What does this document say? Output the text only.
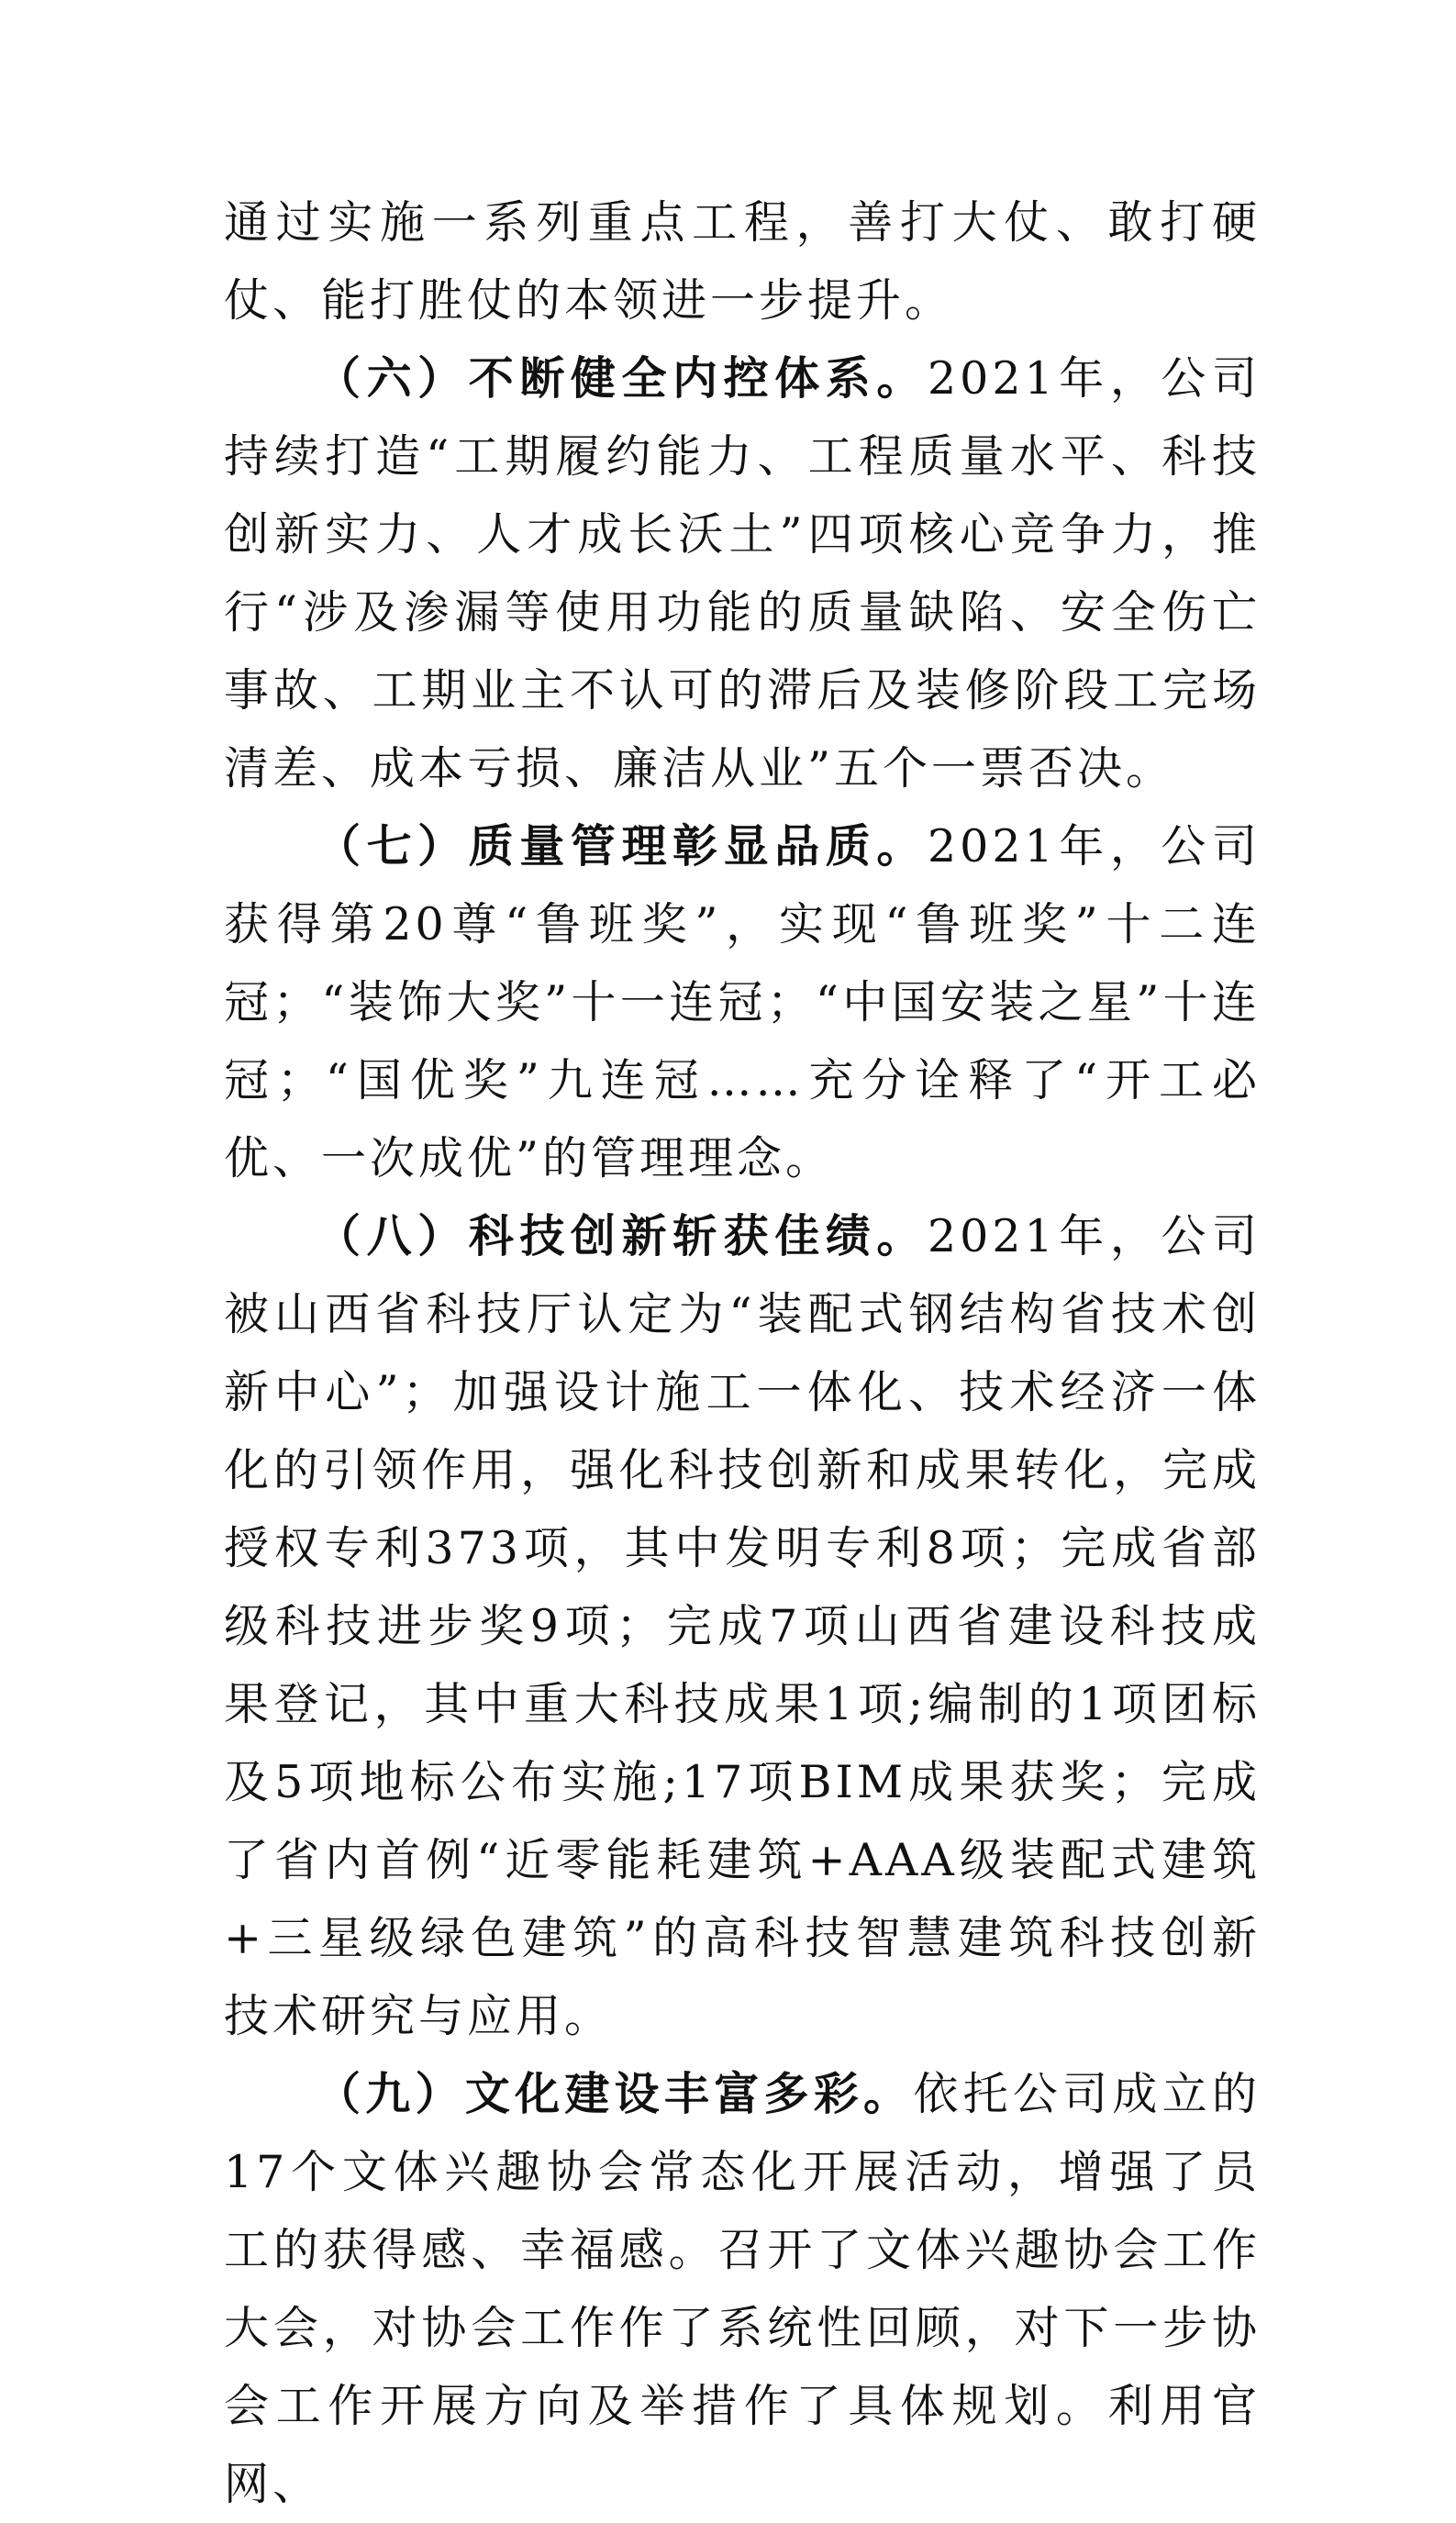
通过实施一系列重点工程，善打大仗、敢打硬仗、能打胜仗的本领进一步提升。

（六）不断健全内控体系。2021年，公司持续打造“工期履约能力、工程质量水平、科技创新实力、人才成长沃土”四项核心竞争力，推行“涉及渗漏等使用功能的质量缺陷、安全伤亡事故、工期业主不认可的滞后及装修阶段工完场清差、成本亏损、廉洁从业”五个一票否决。

（七）质量管理彰显品质。2021年，公司获得第20尊“鲁班奖”，实现“鲁班奖”十二连冠；“装饰大奖”十一连冠；“中国安装之星”十连冠；“国优奖”九连冠……充分诠释了“开工必优、一次成优”的管理理念。

（八）科技创新斩获佳绩。2021年，公司被山西省科技厅认定为“装配式钢结构省技术创新中心”；加强设计施工一体化、技术经济一体化的引领作用，强化科技创新和成果转化，完成授权专利373项，其中发明专利8项；完成省部级科技进步奖9项；完成7项山西省建设科技成果登记，其中重大科技成果1项;编制的1项团标及5项地标公布实施;17项BIM成果获奖；完成了省内首例“近零能耗建筑+AAA级装配式建筑+三星级绿色建筑”的高科技智慧建筑科技创新技术研究与应用。

（九）文化建设丰富多彩。依托公司成立的17个文体兴趣协会常态化开展活动，增强了员工的获得感、幸福感。召开了文体兴趣协会工作大会，对协会工作作了系统性回顾，对下一步协会工作开展方向及举措作了具体规划。利用官网、
